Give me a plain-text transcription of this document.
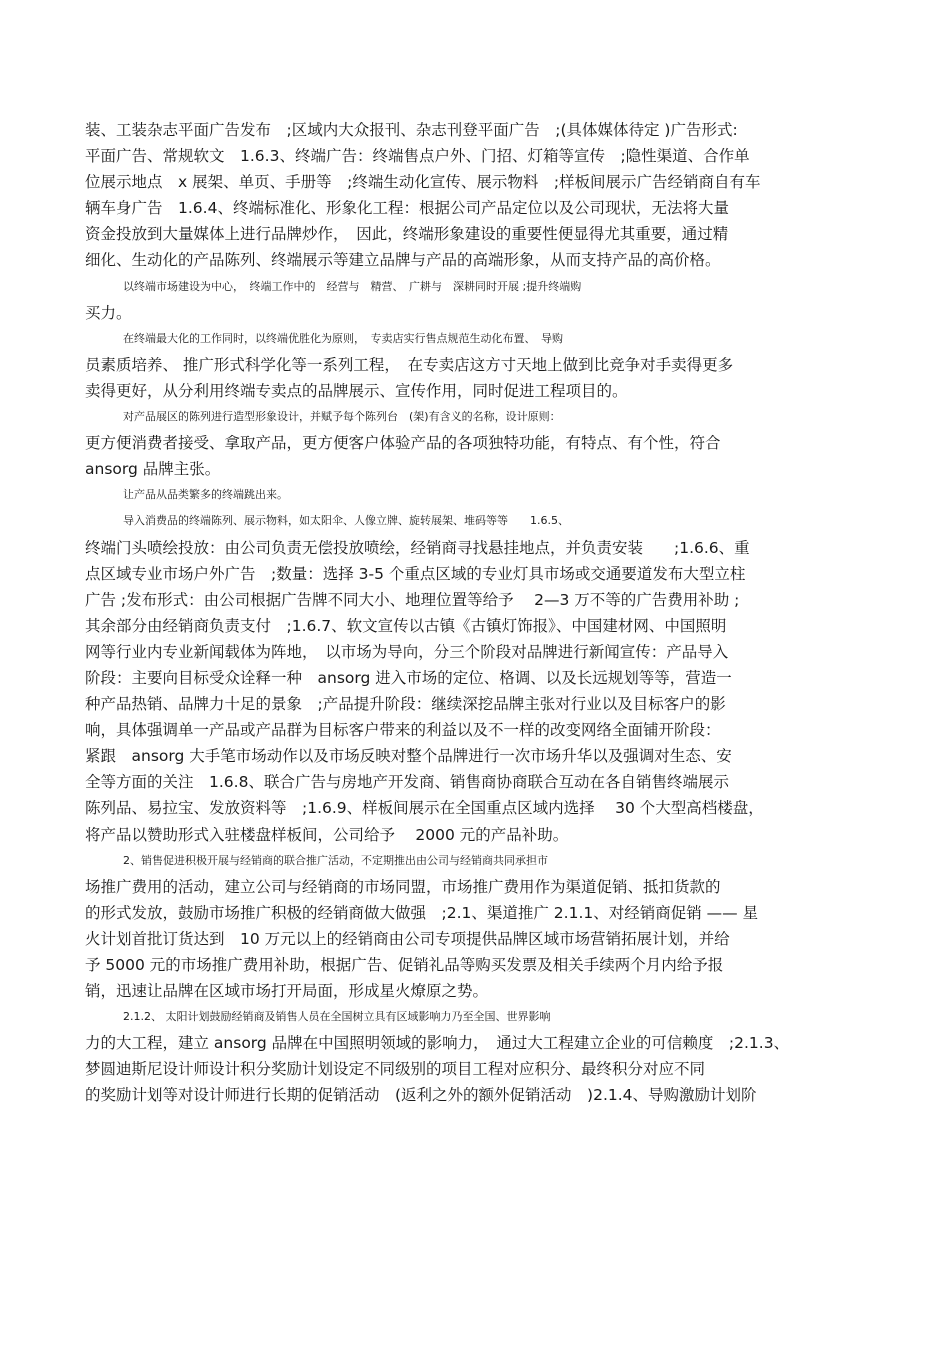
装、工装杂志平面广告发布　;区域内大众报刊、杂志刊登平面广告　;(具体媒体待定 )广告形式:
平面广告、常规软文　1.6.3、终端广告：终端售点户外、门招、灯箱等宣传　;隐性渠道、合作单
位展示地点　x 展架、单页、手册等　;终端生动化宣传、展示物料　;样板间展示广告经销商自有车
辆车身广告　1.6.4、终端标准化、形象化工程：根据公司产品定位以及公司现状，无法将大量
资金投放到大量媒体上进行品牌炒作，　因此，终端形象建设的重要性便显得尤其重要，通过精
细化、生动化的产品陈列、终端展示等建立品牌与产品的高端形象，从而支持产品的高价格。
以终端市场建设为中心，　终端工作中的　经营与　精营、　广耕与　深耕同时开展 ;提升终端购
买力。
在终端最大化的工作同时，以终端优胜化为原则，　专卖店实行售点规范生动化布置、　导购
员素质培养、 推广形式科学化等一系列工程，　在专卖店这方寸天地上做到比竞争对手卖得更多
卖得更好，从分利用终端专卖点的品牌展示、宣传作用，同时促进工程项目的。
对产品展区的陈列进行造型形象设计，并赋予每个陈列台　(架)有含义的名称，设计原则：
更方便消费者接受、拿取产品，更方便客户体验产品的各项独特功能，有特点、有个性，符合
ansorg 品牌主张。
让产品从品类繁多的终端跳出来。
导入消费品的终端陈列、展示物料，如太阳伞、人像立牌、旋转展架、堆码等等　　1.6.5、
终端门头喷绘投放：由公司负责无偿投放喷绘，经销商寻找悬挂地点，并负责安装　　;1.6.6、重
点区域专业市场户外广告　;数量：选择 3-5 个重点区域的专业灯具市场或交通要道发布大型立柱
广告 ;发布形式：由公司根据广告牌不同大小、地理位置等给予　 2—3 万不等的广告费用补助 ;
其余部分由经销商负责支付　;1.6.7、软文宣传以古镇《古镇灯饰报》、中国建材网、中国照明
网等行业内专业新闻载体为阵地，　以市场为导向，分三个阶段对品牌进行新闻宣传：产品导入
阶段：主要向目标受众诠释一种　ansorg 进入市场的定位、格调、以及长远规划等等，营造一
种产品热销、品牌力十足的景象　;产品提升阶段：继续深挖品牌主张对行业以及目标客户的影
响，具体强调单一产品或产品群为目标客户带来的利益以及不一样的改变网络全面铺开阶段：
紧跟　ansorg 大手笔市场动作以及市场反映对整个品牌进行一次市场升华以及强调对生态、安
全等方面的关注　1.6.8、联合广告与房地产开发商、销售商协商联合互动在各自销售终端展示
陈列品、易拉宝、发放资料等　;1.6.9、样板间展示在全国重点区域内选择　 30 个大型高档楼盘，
将产品以赞助形式入驻楼盘样板间，公司给予　 2000 元的产品补助。
2、销售促进积极开展与经销商的联合推广活动，不定期推出由公司与经销商共同承担市
场推广费用的活动，建立公司与经销商的市场同盟，市场推广费用作为渠道促销、抵扣货款的
的形式发放，鼓励市场推广积极的经销商做大做强　;2.1、渠道推广 2.1.1、对经销商促销 —— 星
火计划首批订货达到　10 万元以上的经销商由公司专项提供品牌区域市场营销拓展计划，并给
予 5000 元的市场推广费用补助，根据广告、促销礼品等购买发票及相关手续两个月内给予报
销，迅速让品牌在区域市场打开局面，形成星火燎原之势。
2.1.2、 太阳计划鼓励经销商及销售人员在全国树立具有区域影响力乃至全国、世界影响
力的大工程，建立 ansorg 品牌在中国照明领域的影响力，　通过大工程建立企业的可信赖度　;2.1.3、
梦圆迪斯尼设计师设计积分奖励计划设定不同级别的项目工程对应积分、最终积分对应不同
的奖励计划等对设计师进行长期的促销活动　(返利之外的额外促销活动　)2.1.4、导购激励计划阶
